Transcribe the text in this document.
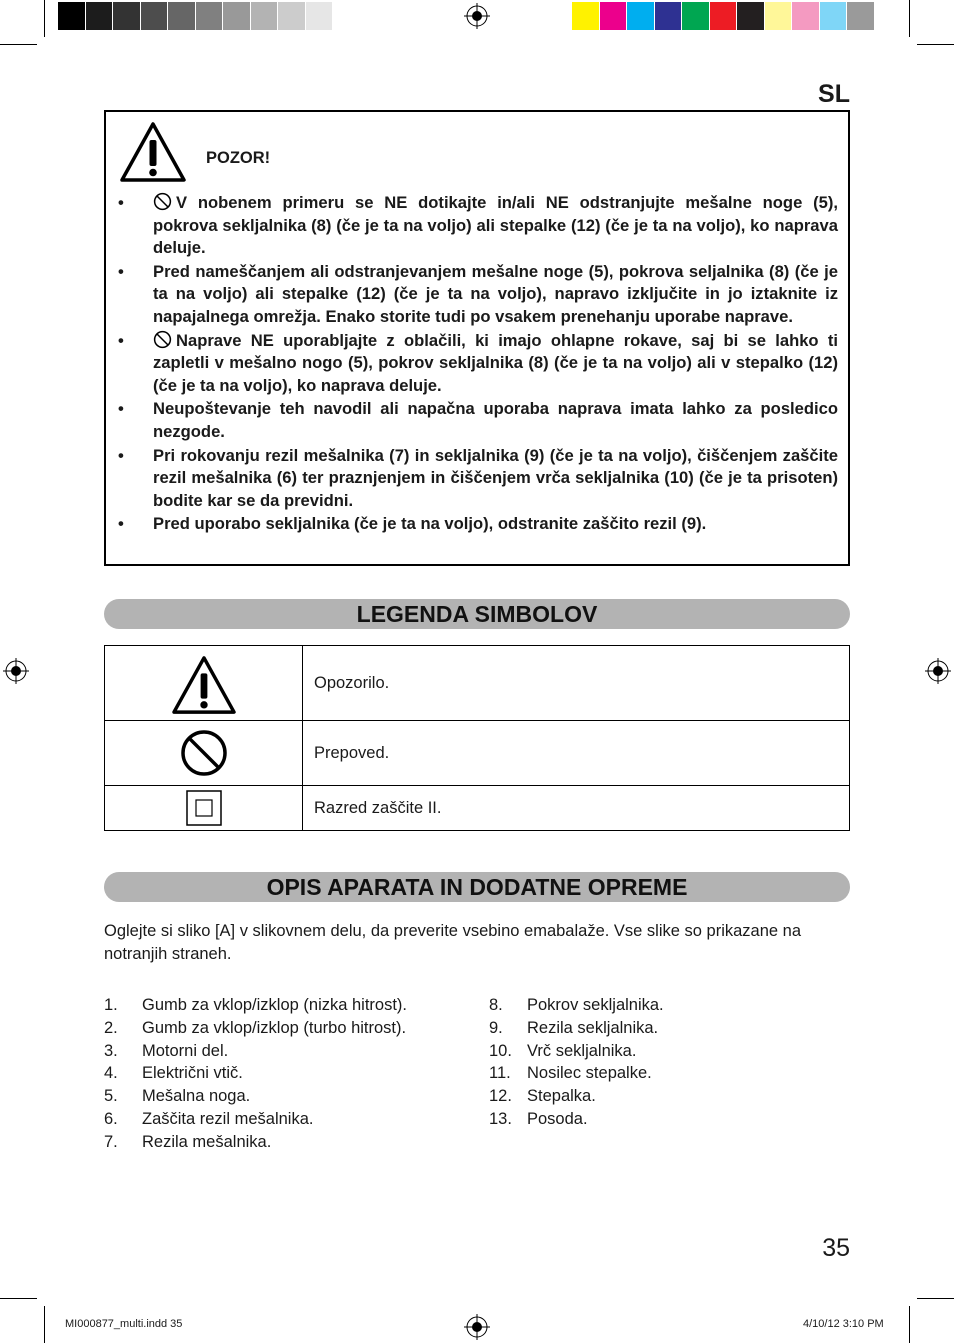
SL
POZOR!
•	V nobenem primeru se NE dotikajte in/ali NE odstranjujte mešalne noge (5), pokrova sekljalnika (8) (če je ta na voljo) ali stepalke (12) (če je ta na voljo), ko naprava deluje.
• Pred nameščanjem ali odstranjevanjem mešalne noge (5), pokrova seljalnika (8) (če je ta na voljo) ali stepalke (12) (če je ta na voljo), napravo izklјučite in jo iztaknite iz napajalnega omrežja. Enako storite tudi po vsakem prenehanju uporabe naprave.
•	Naprave NE uporabljajte z oblačili, ki imajo ohlapne rokave, saj bi se lahko ti zapletli v mešalno nogo (5), pokrov sekljalnika (8) (če je ta na voljo) ali v stepalko (12) (če je ta na voljo), ko naprava deluje.
• Neupoštevanje teh navodil ali napačna uporaba naprava imata lahko za posledico nezgode.
• Pri rokovanju rezil mešalnika (7) in sekljalnika (9) (če je ta na voljo), čiščenjem zaščite rezil mešalnika (6) ter praznjenjem in čiščenjem vrča sekljalnika (10) (če je ta prisoten) bodite kar se da previdni.
• Pred uporabo sekljalnika (če je ta na voljo), odstranite zaščito rezil (9).
LEGENDA SIMBOLOV
	Opozorilo.

	Prepoved.

	Razred zaščite II.
OPIS APARATA IN DODATNE OPREME
Oglejte si sliko [A] v slikovnem delu, da preverite vsebino emabalaže. Vse slike so prikazane na notranjih straneh.
1.	Gumb za vklop/izklop (nizka hitrost).
2.	Gumb za vklop/izklop (turbo hitrost).
3.	Motorni del.
4.	Električni vtič.
5.	Mešalna noga.
6.	Zaščita rezil mešalnika.
7.	Rezila mešalnika.
8.	Pokrov sekljalnika.
9.	Rezila sekljalnika.
10. Vrč sekljalnika.
11. Nosilec stepalke.
12. Stepalka.
13. Posoda.
35
MI000877_multi.indd 35	4/10/12 3:10 PM
